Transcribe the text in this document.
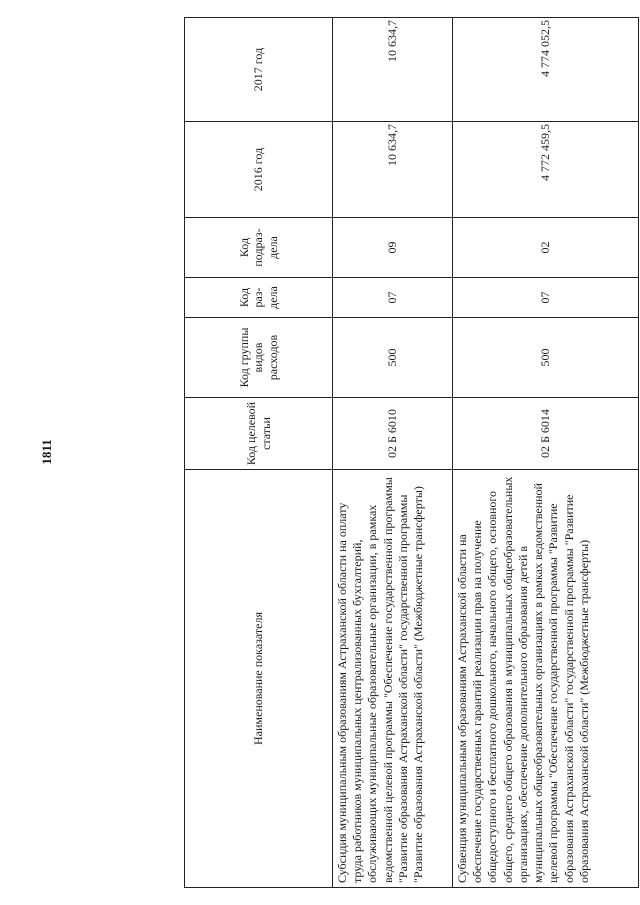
1811
Наименование показателя	Код целевой статьи	Код группы видов расходов	Код раз-дела	Код подраз-дела	2016 год	2017 год
Субсидия муниципальным образованиям Астраханской области на оплату труда работников муниципальных централизованных бухгалтерий, обслуживающих муниципальные образовательные организации, в рамках ведомственной целевой программы "Обеспечение государственной программы "Развитие образования Астраханской области" государственной программы "Развитие образования Астраханской области" (Межбюджетные трансферты)	02 Б 6010	500	07	09	10 634,7	10 634,7
Субвенция муниципальным образованиям Астраханской области на обеспечение государственных гарантий реализации прав на получение общедоступного и бесплатного дошкольного, начального общего, основного общего, среднего общего образования в муниципальных общеобразовательных организациях, обеспечение дополнительного образования детей в муниципальных общеобразовательных организациях в рамках ведомственной целевой программы "Обеспечение государственной программы "Развитие образования Астраханской области" государственной программы "Развитие образования Астраханской области" (Межбюджетные трансферты)	02 Б 6014	500	07	02	4 772 459,5	4 774 052,5
